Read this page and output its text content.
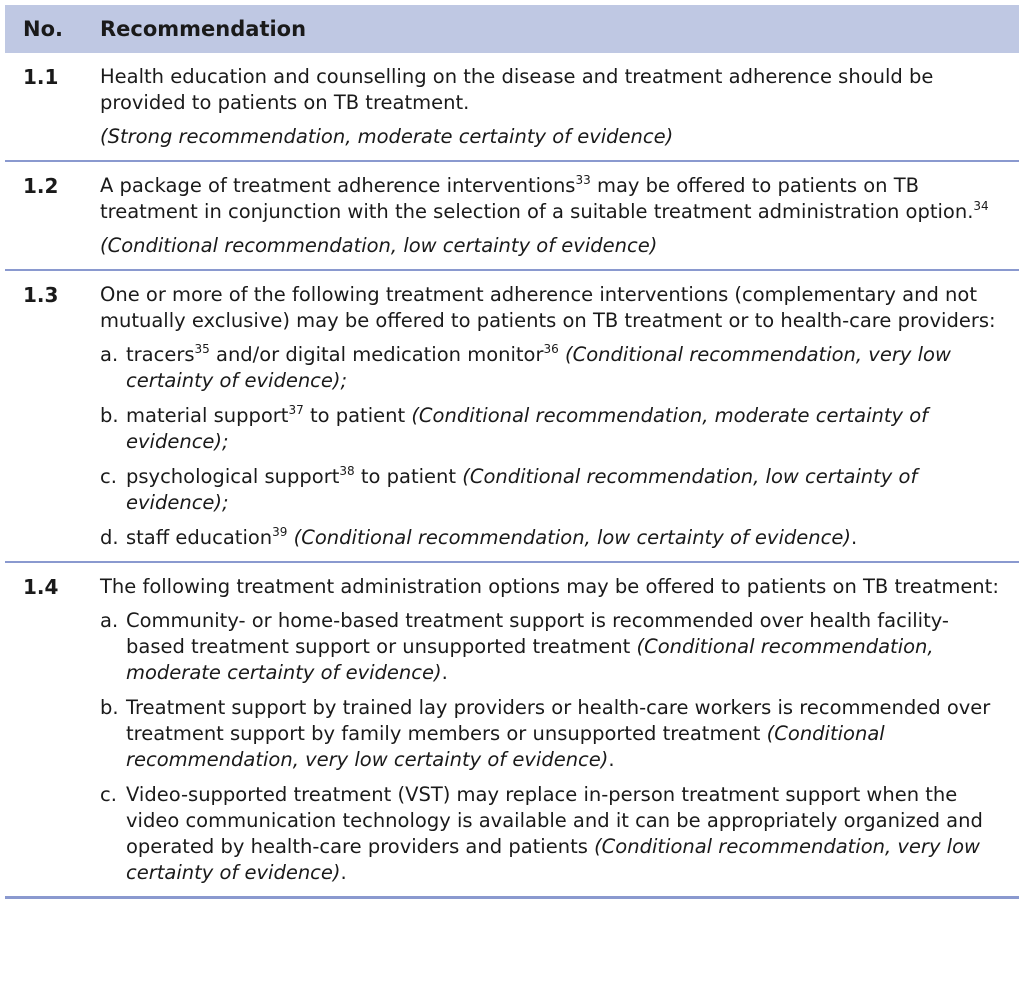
No.	Recommendation
1.1	Health education and counselling on the disease and treatment adherence should be provided to patients on TB treatment.

(Strong recommendation, moderate certainty of evidence)

1.2	A package of treatment adherence interventions$^{33}$ may be offered to patients on TB treatment in conjunction with the selection of a suitable treatment administration option.$^{34}$

(Conditional recommendation, low certainty of evidence)

1.3	One or more of the following treatment adherence interventions (complementary and not mutually exclusive) may be offered to patients on TB treatment or to health-care providers:

a. tracers$^{35}$ and/or digital medication monitor$^{36}$ (Conditional recommendation, very low certainty of evidence);
b. material support$^{37}$ to patient (Conditional recommendation, moderate certainty of evidence);
c. psychological support$^{38}$ to patient (Conditional recommendation, low certainty of evidence);
d. staff education$^{39}$ (Conditional recommendation, low certainty of evidence).
1.4	The following treatment administration options may be offered to patients on TB treatment:

a. Community- or home-based treatment support is recommended over health facility-based treatment support or unsupported treatment (Conditional recommendation, moderate certainty of evidence).
b. Treatment support by trained lay providers or health-care workers is recommended over treatment support by family members or unsupported treatment (Conditional recommendation, very low certainty of evidence).
c. Video-supported treatment (VST) may replace in-person treatment support when the video communication technology is available and it can be appropriately organized and operated by health-care providers and patients (Conditional recommendation, very low certainty of evidence).
